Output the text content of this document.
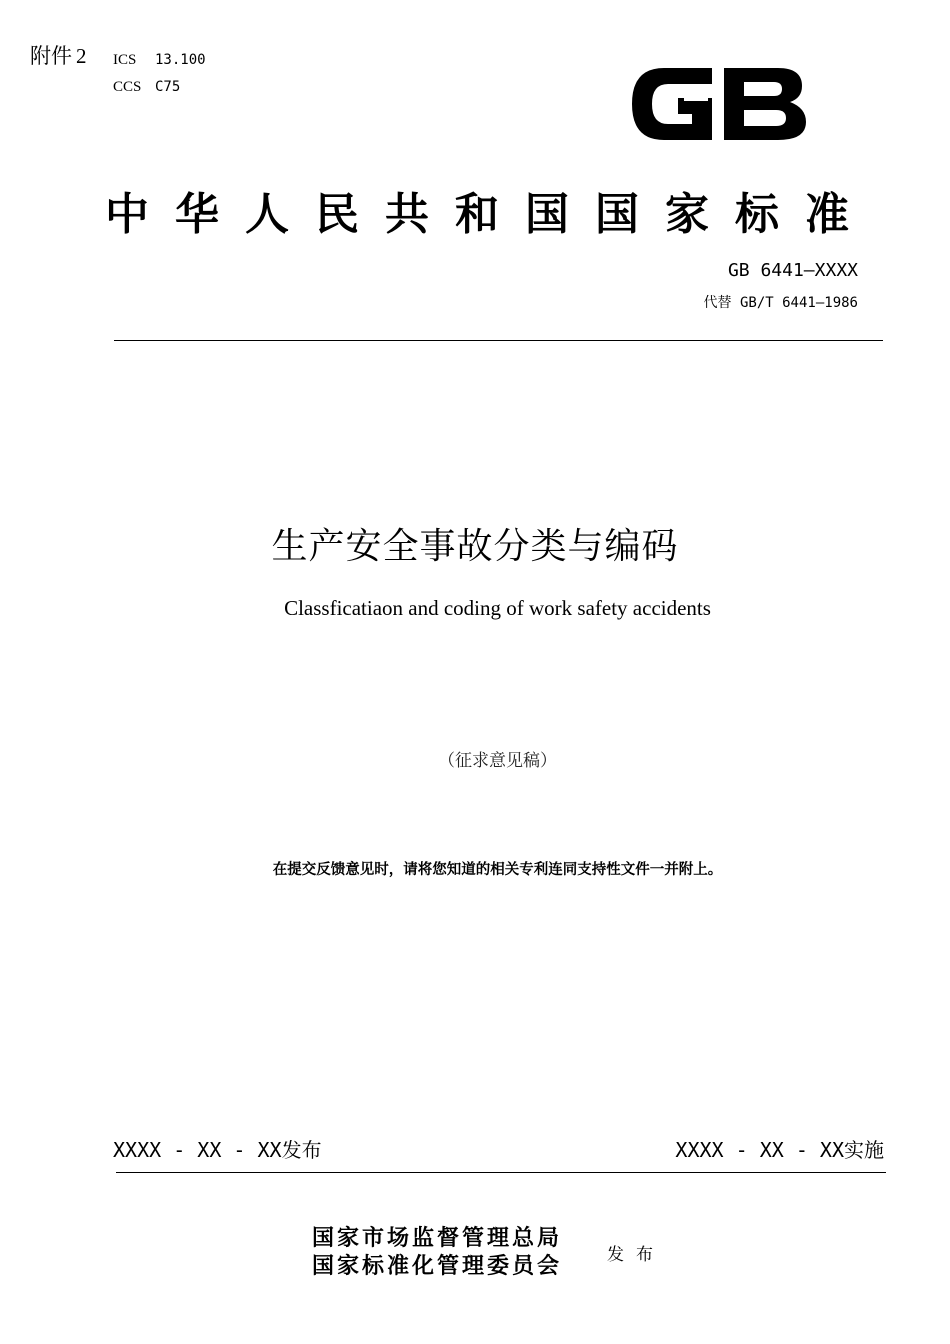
附件 2 ICS 13.100
CCS C75
GB
中华人民共和国国家标准
GB 6441—XXXX
代替 GB/T 6441—1986
生产安全事故分类与编码
Classficatiaon and coding of work safety accidents
（征求意见稿）
在提交反馈意见时，请将您知道的相关专利连同支持性文件一并附上。
XXXX - XX - XX发布	XXXX - XX - XX实施
国家市场监督管理总局
国家标准化管理委员会	发布
